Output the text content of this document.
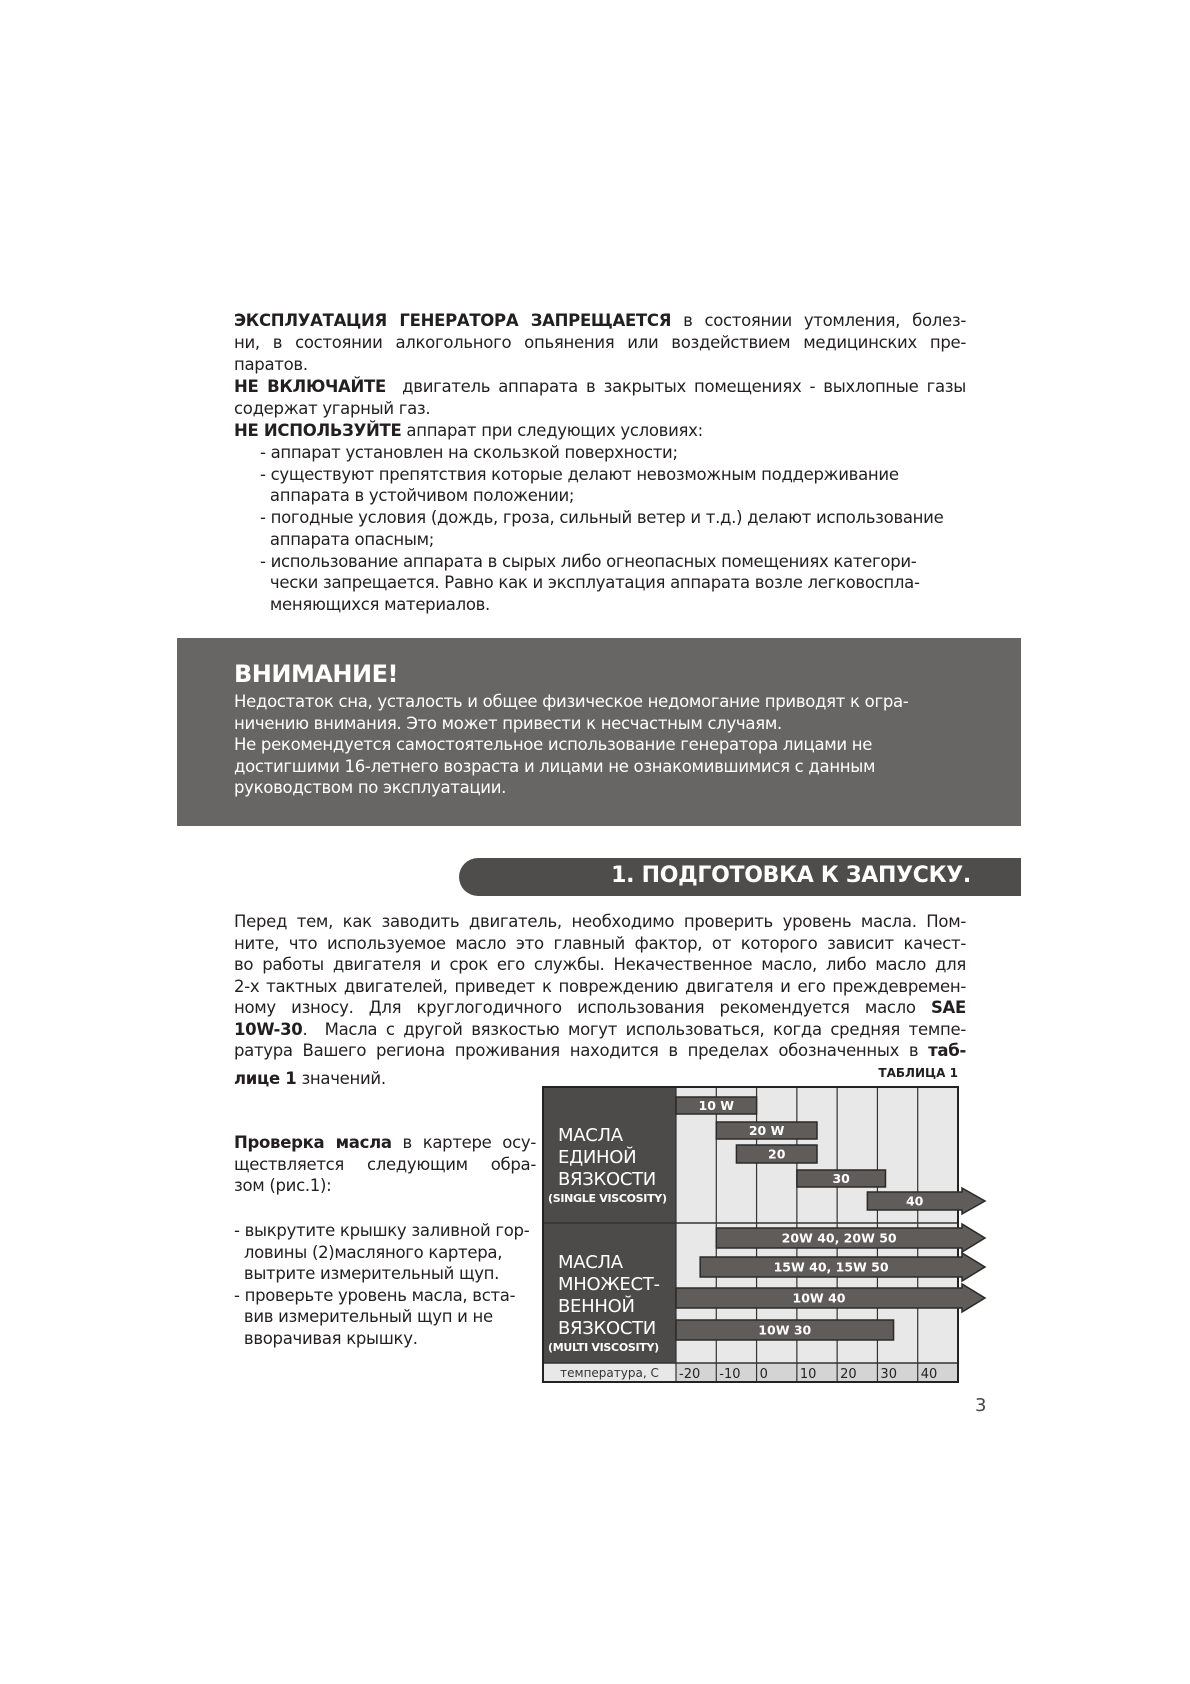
ЭКСПЛУАТАЦИЯ ГЕНЕРАТОРА ЗАПРЕЩАЕТСЯ в состоянии утомления, болез-
ни, в состоянии алкогольного опьянения или воздействием медицинских пре-
паратов.
НЕ ВКЛЮЧАЙТЕ  двигатель аппарата в закрытых помещениях - выхлопные газы
содержат угарный газ.
НЕ ИСПОЛЬЗУЙТЕ аппарат при следующих условиях:
- аппарат установлен на скользкой поверхности;
- существуют препятствия которые делают невозможным поддерживание
аппарата в устойчивом положении;
- погодные условия (дождь, гроза, сильный ветер и т.д.) делают использование
аппарата опасным;
- использование аппарата в сырых либо огнеопасных помещениях категори-
чески запрещается. Равно как и эксплуатация аппарата возле легковоспла-
меняющихся материалов.
ВНИМАНИЕ!
Недостаток сна, усталость и общее физическое недомогание приводят к огра-
ничению внимания. Это может привести к несчастным случаям.
Не рекомендуется самостоятельное использование генератора лицами не
достигшими 16-летнего возраста и лицами не ознакомившимися с данным
руководством по эксплуатации.
1. ПОДГОТОВКА К ЗАПУСКУ.
Перед тем, как заводить двигатель, необходимо проверить уровень масла. Пом-
ните, что используемое масло это главный фактор, от которого зависит качест-
во работы двигателя и срок его службы. Некачественное масло, либо масло для
2-х тактных двигателей, приведет к повреждению двигателя и его преждевремен-
ному износу. Для круглогодичного использования рекомендуется масло SAE
10W-30.  Масла с другой вязкостью могут использоваться, когда средняя темпе-
ратура Вашего региона проживания находится в пределах обозначенных в таб-
лице 1 значений.
Проверка масла в картере осу-
ществляется следующим обра-
зом (рис.1):
- выкрутите крышку заливной гор-
ловины (2)масляного картера,
вытрите измерительный щуп.
- проверьте уровень масла, вста-
вив измерительный щуп и не
вворачивая крышку.
ТАБЛИЦА 1
температура, С -20 -10 0 10 20 30 40
10 W
20 W
20
30
40
20W 40, 20W 50
15W 40, 15W 50
10W 40
10W 30
МАСЛА
ЕДИНОЙ
ВЯЗКОСТИ
(SINGLE VISCOSITY)
МАСЛА
МНОЖЕСТ-
ВЕННОЙ
ВЯЗКОСТИ
(MULTI VISCOSITY)
3
